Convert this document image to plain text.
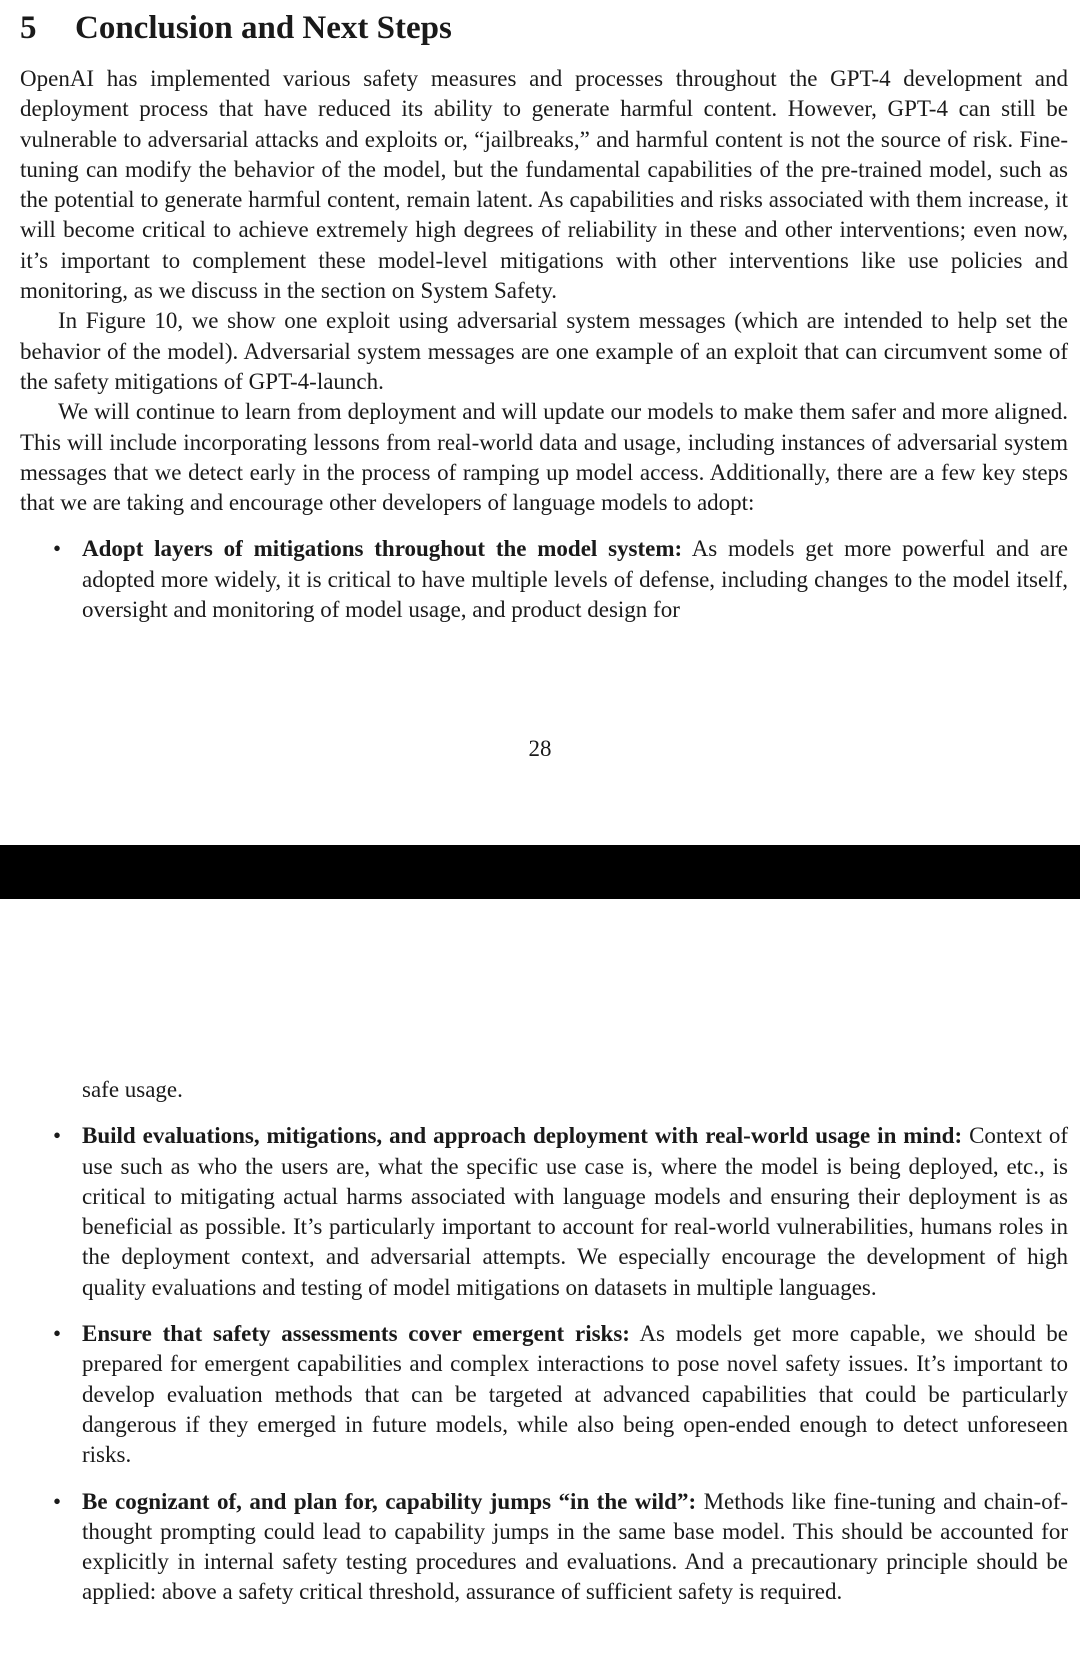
5 Conclusion and Next Steps

OpenAI has implemented various safety measures and processes throughout the GPT-4 development and deployment process that have reduced its ability to generate harmful content. However, GPT-4 can still be vulnerable to adversarial attacks and exploits or, “jailbreaks,” and harmful content is not the source of risk. Fine-tuning can modify the behavior of the model, but the fundamental capabilities of the pre-trained model, such as the potential to generate harmful content, remain latent. As capabilities and risks associated with them increase, it will become critical to achieve extremely high degrees of reliability in these and other interventions; even now, it’s important to complement these model-level mitigations with other interventions like use policies and monitoring, as we discuss in the section on System Safety.

In Figure 10, we show one exploit using adversarial system messages (which are intended to help set the behavior of the model). Adversarial system messages are one example of an exploit that can circumvent some of the safety mitigations of GPT-4-launch.

We will continue to learn from deployment and will update our models to make them safer and more aligned. This will include incorporating lessons from real-world data and usage, including instances of adversarial system messages that we detect early in the process of ramping up model access. Additionally, there are a few key steps that we are taking and encourage other developers of language models to adopt:

• Adopt layers of mitigations throughout the model system: As models get more powerful and are adopted more widely, it is critical to have multiple levels of defense, including changes to the model itself, oversight and monitoring of model usage, and product design for
28

safe usage.

• Build evaluations, mitigations, and approach deployment with real-world usage in mind: Context of use such as who the users are, what the specific use case is, where the model is being deployed, etc., is critical to mitigating actual harms associated with language models and ensuring their deployment is as beneficial as possible. It’s particularly important to account for real-world vulnerabilities, humans roles in the deployment context, and adversarial attempts. We especially encourage the development of high quality evaluations and testing of model mitigations on datasets in multiple languages.
• Ensure that safety assessments cover emergent risks: As models get more capable, we should be prepared for emergent capabilities and complex interactions to pose novel safety issues. It’s important to develop evaluation methods that can be targeted at advanced capabilities that could be particularly dangerous if they emerged in future models, while also being open-ended enough to detect unforeseen risks.
• Be cognizant of, and plan for, capability jumps “in the wild”: Methods like fine-tuning and chain-of-thought prompting could lead to capability jumps in the same base model. This should be accounted for explicitly in internal safety testing procedures and evaluations. And a precautionary principle should be applied: above a safety critical threshold, assurance of sufficient safety is required.
